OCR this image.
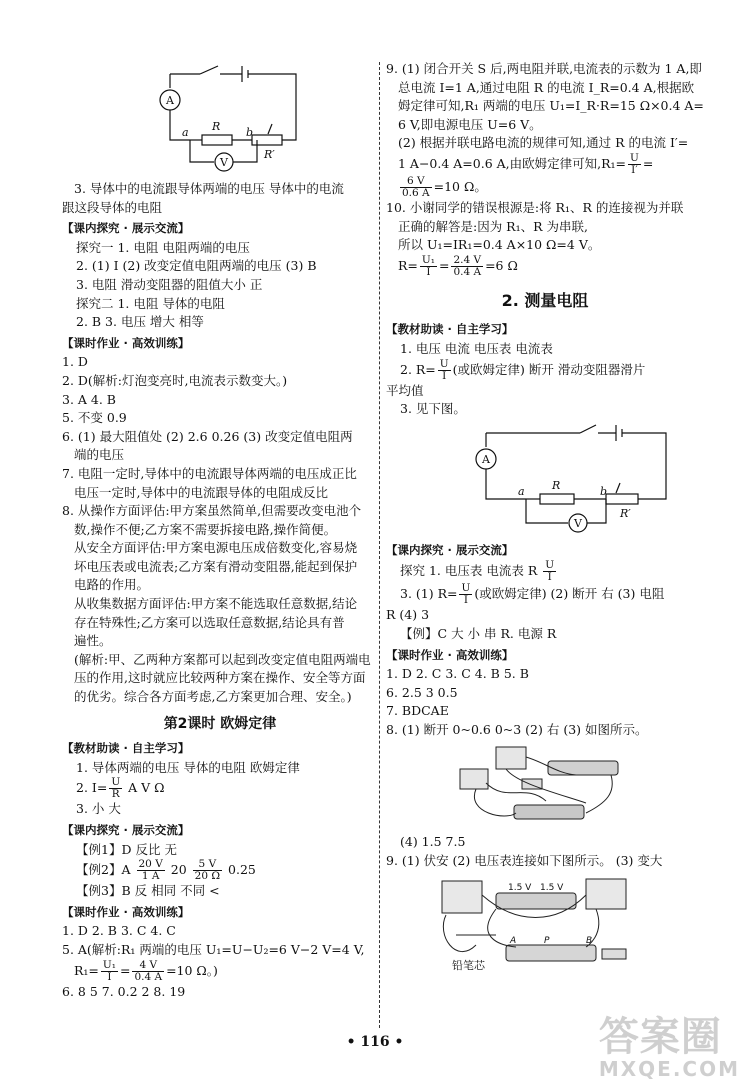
A
a R b
R′
V

3. 导体中的电流跟导体两端的电压 导体中的电流

跟这段导体的电阻

【课内探究 · 展示交流】

探究一 1. 电阻 电阻两端的电压

2. (1) I (2) 改变定值电阻两端的电压 (3) B

3. 电阻 滑动变阻器的阻值大小 正

探究二 1. 电阻 导体的电阻

2. B 3. 电压 增大 相等

【课时作业 · 高效训练】

1. D

2. D(解析:灯泡变亮时,电流表示数变大。)

3. A 4. B

5. 不变 0.9

6. (1) 最大阻值处 (2) 2.6 0.26 (3) 改变定值电阻两

端的电压

7. 电阻一定时,导体中的电流跟导体两端的电压成正比

电压一定时,导体中的电流跟导体的电阻成反比

8. 从操作方面评估:甲方案虽然简单,但需要改变电池个

数,操作不便;乙方案不需要拆接电路,操作简便。

从安全方面评估:甲方案电源电压成倍数变化,容易烧

坏电压表或电流表;乙方案有滑动变阻器,能起到保护

电路的作用。

从收集数据方面评估:甲方案不能选取任意数据,结论

存在特殊性;乙方案可以选取任意数据,结论具有普

遍性。

(解析:甲、乙两种方案都可以起到改变定值电阻两端电

压的作用,这时就应比较两种方案在操作、安全等方面

的优劣。综合各方面考虑,乙方案更加合理、安全。)

第2课时 欧姆定律

【教材助读 · 自主学习】

1. 导体两端的电压 导体的电阻 欧姆定律

2. $I= \frac{U}{R}$ A V Ω

3. 小 大

【课内探究 · 展示交流】

【例1】D 反比 无

【例2】A $\frac{20 V}{1 A} 20 \frac{5 V}{20 \Omega} 0.25$

【例3】B 反 相同 不同 <

【课时作业 · 高效训练】

1. D 2. B 3. C 4. C

5. A(解析:R₁ 两端的电压 U₁=U−U₂=6 V−2 V=4 V,

$R_1= \frac{\text{U₁}}{I} = \frac{4 V}{0.4 A} =10$ Ω。)

6. 8 5 7. 0.2 2 8. 19

9. (1) 闭合开关 S 后,两电阻并联,电流表的示数为 1 A,即

总电流 I=1 A,通过电阻 R 的电流 I_R=0.4 A,根据欧

姆定律可知,R₁ 两端的电压 U₁=I_R·R=15 Ω×0.4 A=

6 V,即电源电压 U=6 V。

(2) 根据并联电路电流的规律可知,通过 R 的电流 I′=

1 A−0.4 A=0.6 A,由欧姆定律可知$,R_1= \frac{U}{I'}$ =

$\frac{6 V}{0.6 A} =10$ Ω。

10. 小谢同学的错误根源是:将 R₁、R 的连接视为并联

正确的解答是:因为 R₁、R 为串联,

所以 U₁=IR₁=0.4 A×10 Ω=4 V。

$R= \frac{\text{U₁}}{I} = \frac{2.4 V}{0.4 A} =6$ Ω

2. 测量电阻

【教材助读 · 自主学习】

1. 电压 电流 电压表 电流表

2. $R= \frac{U}{I}$ (或欧姆定律) 断开 滑动变阻器滑片

平均值

3. 见下图。

A
a R	b
R′
V

【课内探究 · 展示交流】

探究 1. 电压表 电流表 R $\frac{U}{I}$

3. (1) $R= \frac{U}{I}$ (或欧姆定律) (2) 断开 右 (3) 电阻

R (4) 3

【例】C 大 小 串 R. 电源 R

【课时作业 · 高效训练】

1. D 2. C 3. C 4. B 5. B

6. 2.5 3 0.5

7. BDCAE

8. (1) 断开 0~0.6 0~3 (2) 右 (3) 如图所示。

(4) 1.5 7.5

9. (1) 伏安 (2) 电压表连接如下图所示。 (3) 变大

1.5 V 1.5 V
铅笔芯
A	P	B
• 116 •	答案圈
MXQE.COM
